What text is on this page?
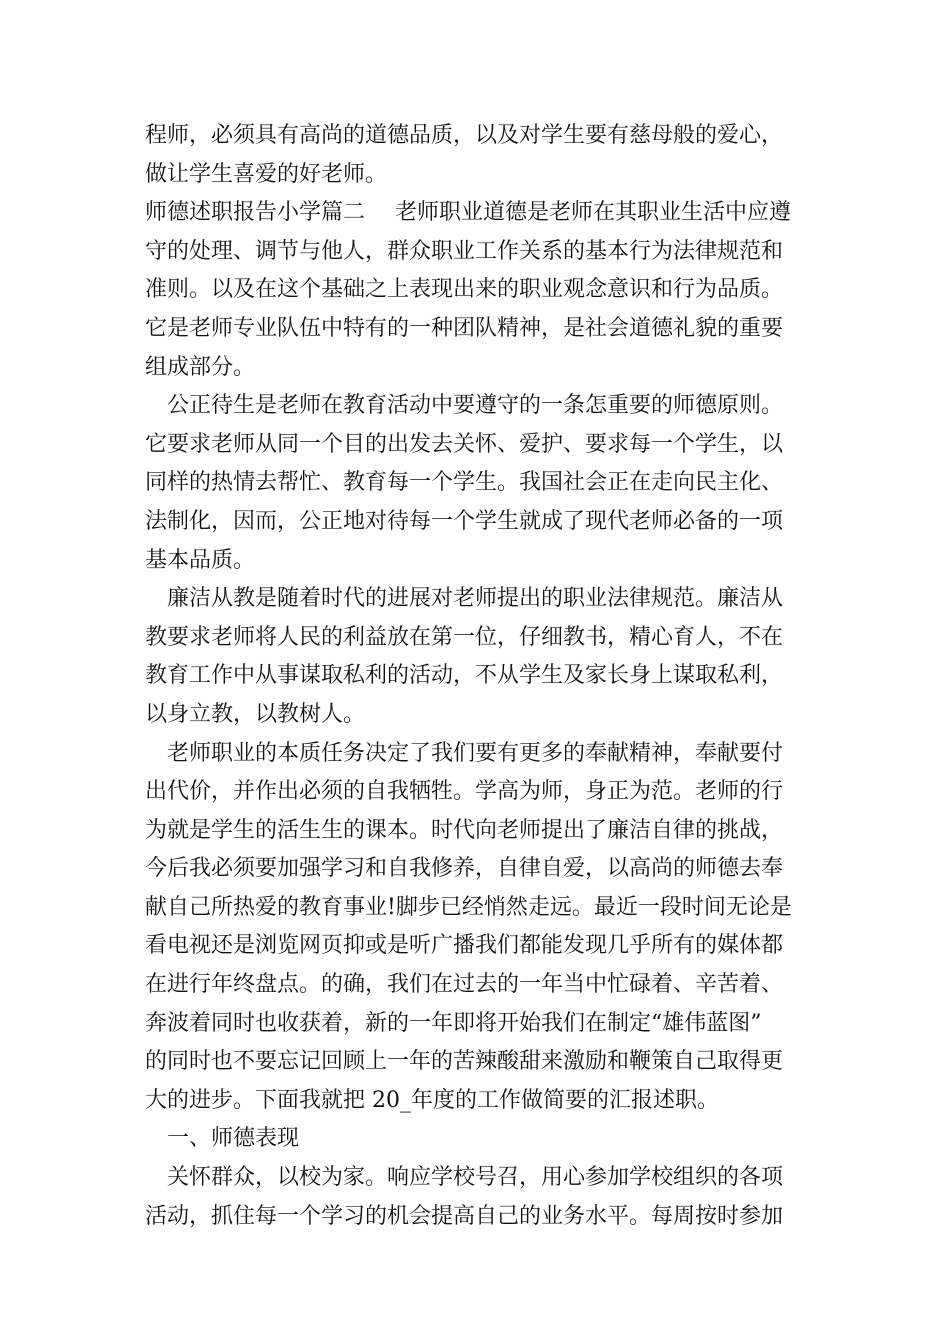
程师，必须具有高尚的道德品质，以及对学生要有慈母般的爱心，
做让学生喜爱的好老师。
师德述职报告小学篇二 老师职业道德是老师在其职业生活中应遵
守的处理、调节与他人，群众职业工作关系的基本行为法律规范和
准则。以及在这个基础之上表现出来的职业观念意识和行为品质。
它是老师专业队伍中特有的一种团队精神，是社会道德礼貌的重要
组成部分。
公正待生是老师在教育活动中要遵守的一条怎重要的师德原则。
它要求老师从同一个目的出发去关怀、爱护、要求每一个学生，以
同样的热情去帮忙、教育每一个学生。我国社会正在走向民主化、
法制化，因而，公正地对待每一个学生就成了现代老师必备的一项
基本品质。
廉洁从教是随着时代的进展对老师提出的职业法律规范。廉洁从
教要求老师将人民的利益放在第一位，仔细教书，精心育人，不在
教育工作中从事谋取私利的活动，不从学生及家长身上谋取私利，
以身立教，以教树人。
老师职业的本质任务决定了我们要有更多的奉献精神，奉献要付
出代价，并作出必须的自我牺牲。学高为师，身正为范。老师的行
为就是学生的活生生的课本。时代向老师提出了廉洁自律的挑战，
今后我必须要加强学习和自我修养，自律自爱，以高尚的师德去奉
献自己所热爱的教育事业!脚步已经悄然走远。最近一段时间无论是
看电视还是浏览网页抑或是听广播我们都能发现几乎所有的媒体都
在进行年终盘点。的确，我们在过去的一年当中忙碌着、辛苦着、
奔波着同时也收获着，新的一年即将开始我们在制定“雄伟蓝图”
的同时也不要忘记回顾上一年的苦辣酸甜来激励和鞭策自己取得更
大的进步。下面我就把 20_年度的工作做简要的汇报述职。
一、师德表现
关怀群众，以校为家。响应学校号召，用心参加学校组织的各项
活动，抓住每一个学习的机会提高自己的业务水平。每周按时参加
